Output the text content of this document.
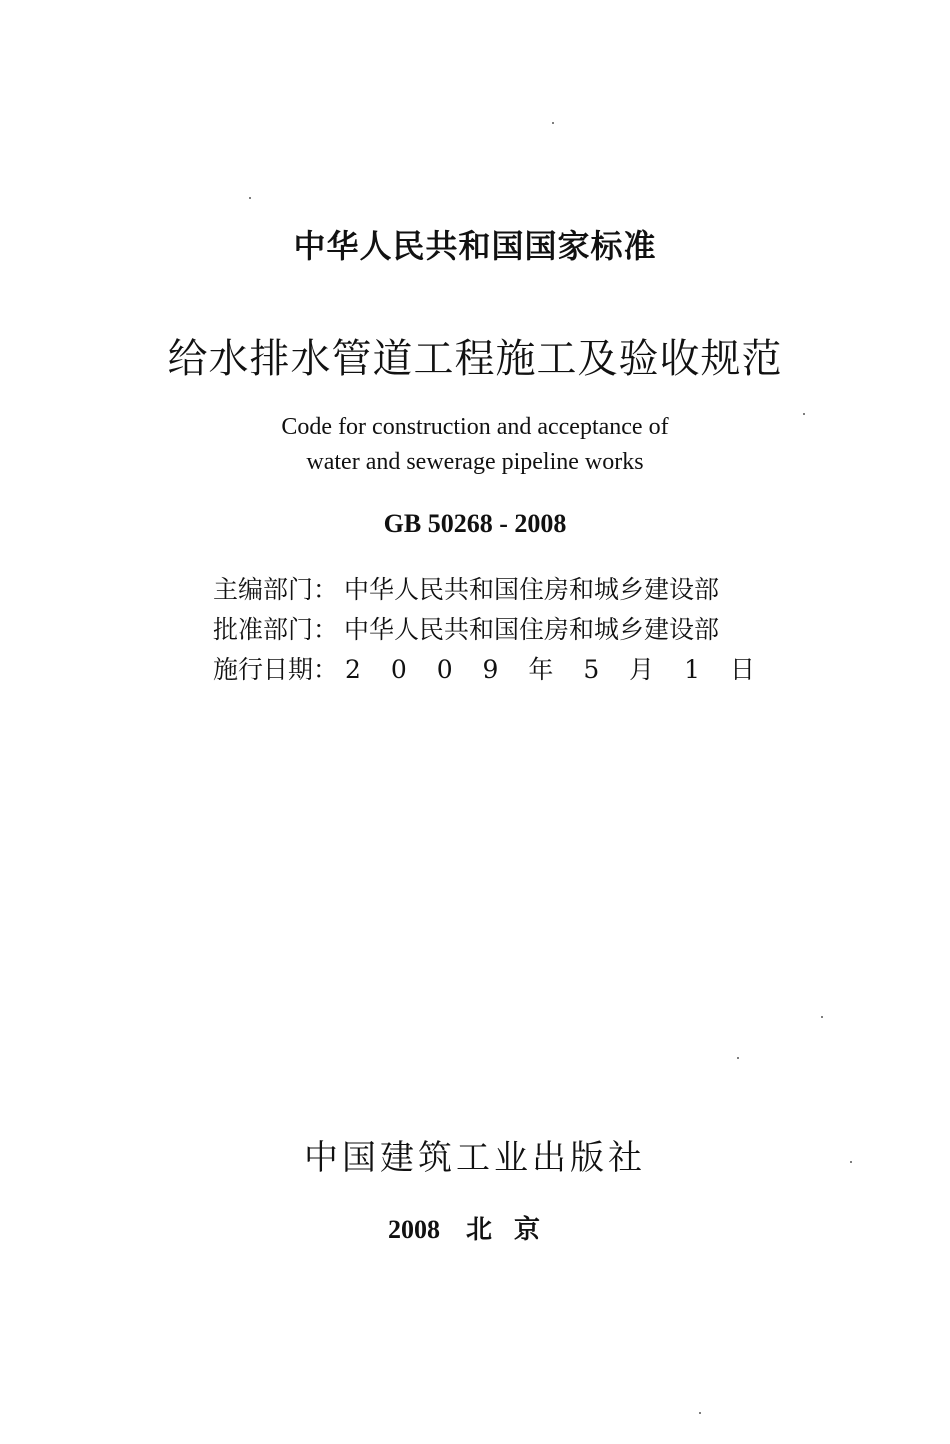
中华人民共和国国家标准
给水排水管道工程施工及验收规范
Code for construction and acceptance of
water and sewerage pipeline works
GB 50268 - 2008
主编部门： 中华人民共和国住房和城乡建设部
批准部门： 中华人民共和国住房和城乡建设部
施行日期： 2 0 0 9 年 5 月 1 日
中国建筑工业出版社
2008 北京
